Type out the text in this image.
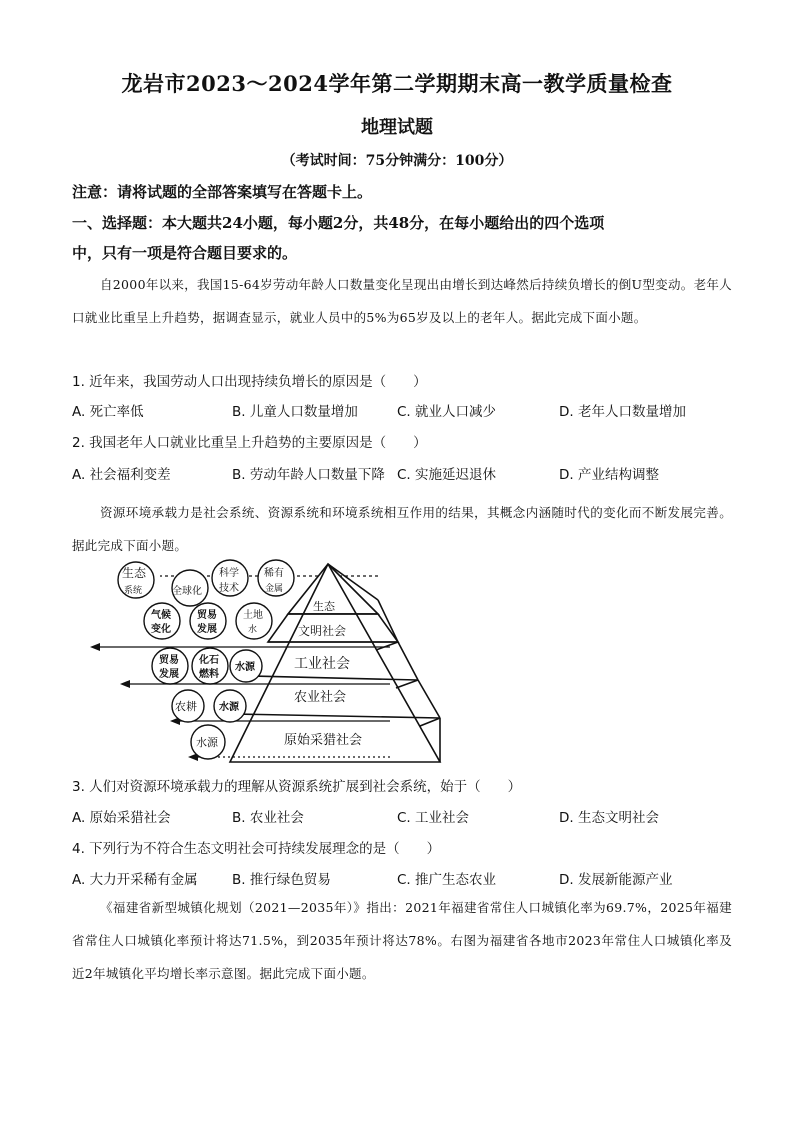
龙岩市2023～2024学年第二学期期末高一教学质量检查
地理试题
（考试时间：75分钟满分：100分）
注意：请将试题的全部答案填写在答题卡上。
一、选择题：本大题共24小题，每小题2分，共48分，在每小题给出的四个选项
中，只有一项是符合题目要求的。
自2000年以来，我国15-64岁劳动年龄人口数量变化呈现出由增长到达峰然后持续负增长的倒U型变动。老年人口就业比重呈上升趋势，据调查显示，就业人员中的5%为65岁及以上的老年人。据此完成下面小题。
1. 近年来，我国劳动人口出现持续负增长的原因是（　　）
A. 死亡率低	B. 儿童人口数量增加	C. 就业人口减少	D. 老年人口数量增加
2. 我国老年人口就业比重呈上升趋势的主要原因是（　　）
A. 社会福利变差	B. 劳动年龄人口数量下降 C. 实施延迟退休	D. 产业结构调整
资源环境承载力是社会系统、资源系统和环境系统相互作用的结果，其概念内涵随时代的变化而不断发展完善。据此完成下面小题。
生态
文明社会
工业社会
农业社会
原始采猎社会
生态
系统	全球化
科学
技术
稀有
金属
气候
变化
贸易
发展
土地
水
贸易
发展
化石
燃料
水源
农耕 水源
水源
3. 人们对资源环境承载力的理解从资源系统扩展到社会系统，始于（　　）
A. 原始采猎社会	B. 农业社会	C. 工业社会	D. 生态文明社会
4. 下列行为不符合生态文明社会可持续发展理念的是（　　）
A. 大力开采稀有金属	B. 推行绿色贸易	C. 推广生态农业	D. 发展新能源产业
《福建省新型城镇化规划（2021—2035年）》指出：2021年福建省常住人口城镇化率为69.7%，2025年福建省常住人口城镇化率预计将达71.5%，到2035年预计将达78%。右图为福建省各地市2023年常住人口城镇化率及近2年城镇化平均增长率示意图。据此完成下面小题。
